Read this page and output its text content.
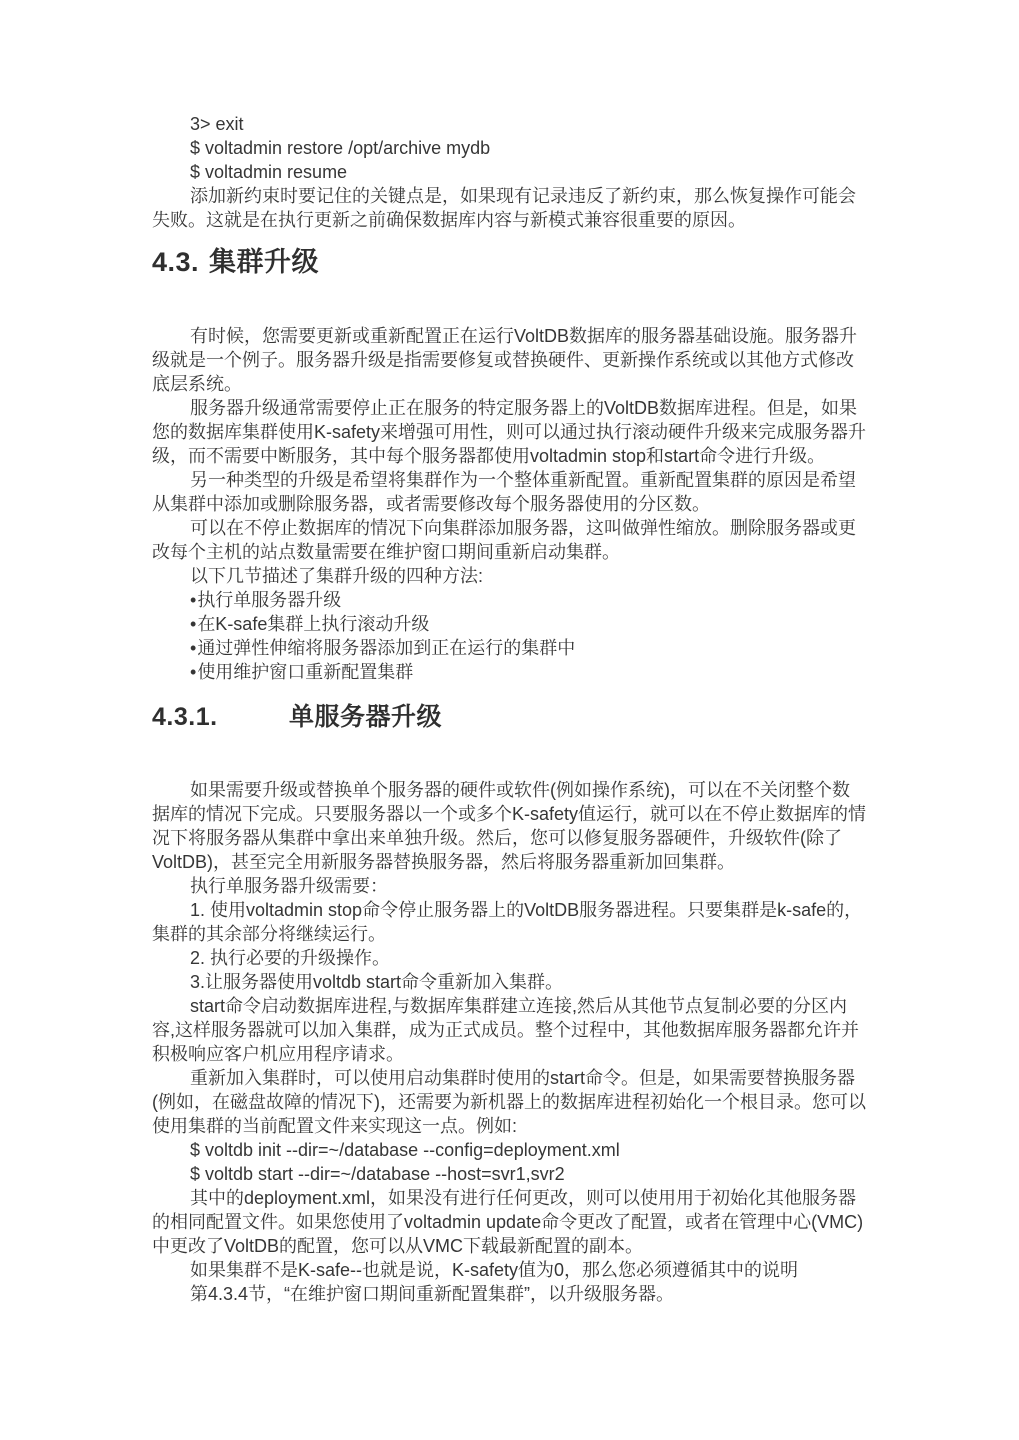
3> exit

$ voltadmin restore /opt/archive mydb

$ voltadmin resume

添加新约束时要记住的关键点是，如果现有记录违反了新约束，那么恢复操作可能会失败。这就是在执行更新之前确保数据库内容与新模式兼容很重要的原因。

4.3. 集群升级

有时候，您需要更新或重新配置正在运行VoltDB数据库的服务器基础设施。服务器升级就是一个例子。服务器升级是指需要修复或替换硬件、更新操作系统或以其他方式修改底层系统。

服务器升级通常需要停止正在服务的特定服务器上的VoltDB数据库进程。但是，如果您的数据库集群使用K-safety来增强可用性，则可以通过执行滚动硬件升级来完成服务器升级，而不需要中断服务，其中每个服务器都使用voltadmin stop和start命令进行升级。

另一种类型的升级是希望将集群作为一个整体重新配置。重新配置集群的原因是希望从集群中添加或删除服务器，或者需要修改每个服务器使用的分区数。

可以在不停止数据库的情况下向集群添加服务器，这叫做弹性缩放。删除服务器或更改每个主机的站点数量需要在维护窗口期间重新启动集群。

以下几节描述了集群升级的四种方法:

•执行单服务器升级

•在K-safe集群上执行滚动升级

•通过弹性伸缩将服务器添加到正在运行的集群中

•使用维护窗口重新配置集群

4.3.1.	单服务器升级

如果需要升级或替换单个服务器的硬件或软件(例如操作系统)，可以在不关闭整个数据库的情况下完成。只要服务器以一个或多个K-safety值运行，就可以在不停止数据库的情况下将服务器从集群中拿出来单独升级。然后，您可以修复服务器硬件，升级软件(除了VoltDB)，甚至完全用新服务器替换服务器，然后将服务器重新加回集群。

执行单服务器升级需要：

1. 使用voltadmin stop命令停止服务器上的VoltDB服务器进程。只要集群是k-safe的，集群的其余部分将继续运行。

2. 执行必要的升级操作。

3.让服务器使用voltdb start命令重新加入集群。

start命令启动数据库进程,与数据库集群建立连接,然后从其他节点复制必要的分区内容,这样服务器就可以加入集群，成为正式成员。整个过程中，其他数据库服务器都允许并积极响应客户机应用程序请求。

重新加入集群时，可以使用启动集群时使用的start命令。但是，如果需要替换服务器(例如，在磁盘故障的情况下)，还需要为新机器上的数据库进程初始化一个根目录。您可以使用集群的当前配置文件来实现这一点。例如:

$ voltdb init --dir=~/database --config=deployment.xml

$ voltdb start --dir=~/database --host=svr1,svr2

其中的deployment.xml，如果没有进行任何更改，则可以使用用于初始化其他服务器的相同配置文件。如果您使用了voltadmin update命令更改了配置，或者在管理中心(VMC)中更改了VoltDB的配置，您可以从VMC下载最新配置的副本。

如果集群不是K-safe--也就是说，K-safety值为0，那么您必须遵循其中的说明

第4.3.4节，“在维护窗口期间重新配置集群”，以升级服务器。
